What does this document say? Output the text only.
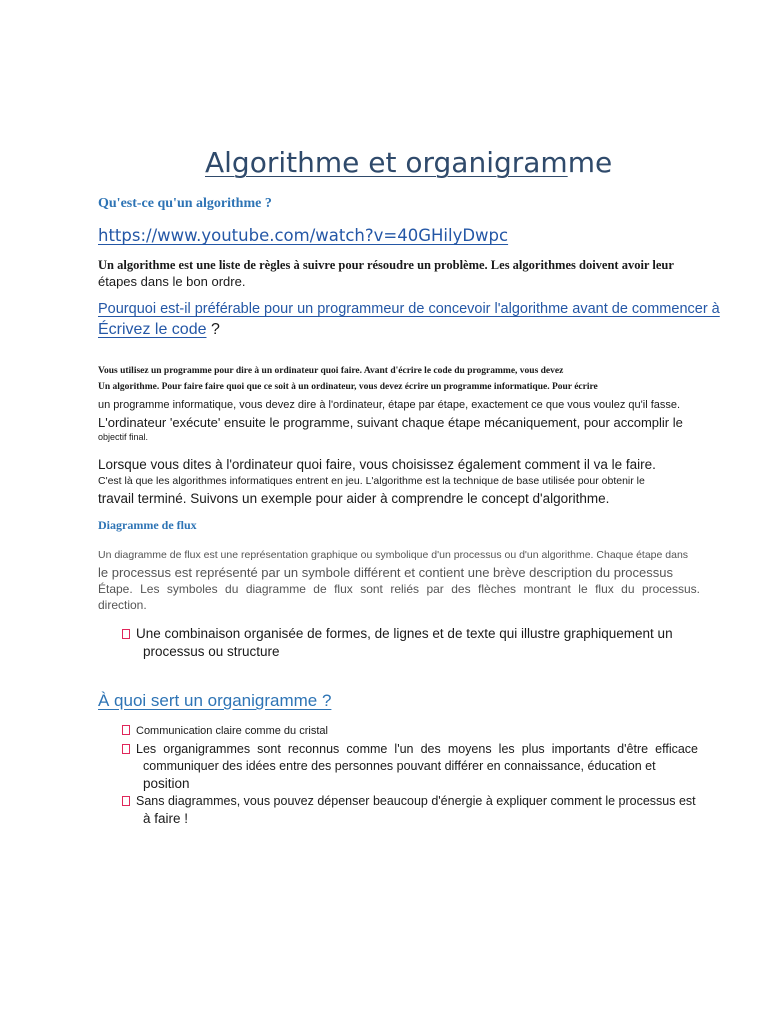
Algorithme et organigramme
Qu'est-ce qu'un algorithme ?
https://www.youtube.com/watch?v=40GHilyDwpc
Un algorithme est une liste de règles à suivre pour résoudre un problème. Les algorithmes doivent avoir leur
étapes dans le bon ordre.
Pourquoi est-il préférable pour un programmeur de concevoir l'algorithme avant de commencer à
Écrivez le code ?
Vous utilisez un programme pour dire à un ordinateur quoi faire. Avant d'écrire le code du programme, vous devez
Un algorithme. Pour faire faire quoi que ce soit à un ordinateur, vous devez écrire un programme informatique. Pour écrire
un programme informatique, vous devez dire à l'ordinateur, étape par étape, exactement ce que vous voulez qu'il fasse.
L'ordinateur 'exécute' ensuite le programme, suivant chaque étape mécaniquement, pour accomplir le
objectif final.
Lorsque vous dites à l'ordinateur quoi faire, vous choisissez également comment il va le faire.
C'est là que les algorithmes informatiques entrent en jeu. L'algorithme est la technique de base utilisée pour obtenir le
travail terminé. Suivons un exemple pour aider à comprendre le concept d'algorithme.
Diagramme de flux
Un diagramme de flux est une représentation graphique ou symbolique d'un processus ou d'un algorithme. Chaque étape dans
le processus est représenté par un symbole différent et contient une brève description du processus
Étape. Les symboles du diagramme de flux sont reliés par des flèches montrant le flux du processus.
direction.
Une combinaison organisée de formes, de lignes et de texte qui illustre graphiquement un
processus ou structure
À quoi sert un organigramme ?
Communication claire comme du cristal
Les organigrammes sont reconnus comme l'un des moyens les plus importants d'être efficace
communiquer des idées entre des personnes pouvant différer en connaissance, éducation et
position
Sans diagrammes, vous pouvez dépenser beaucoup d'énergie à expliquer comment le processus est
à faire !
